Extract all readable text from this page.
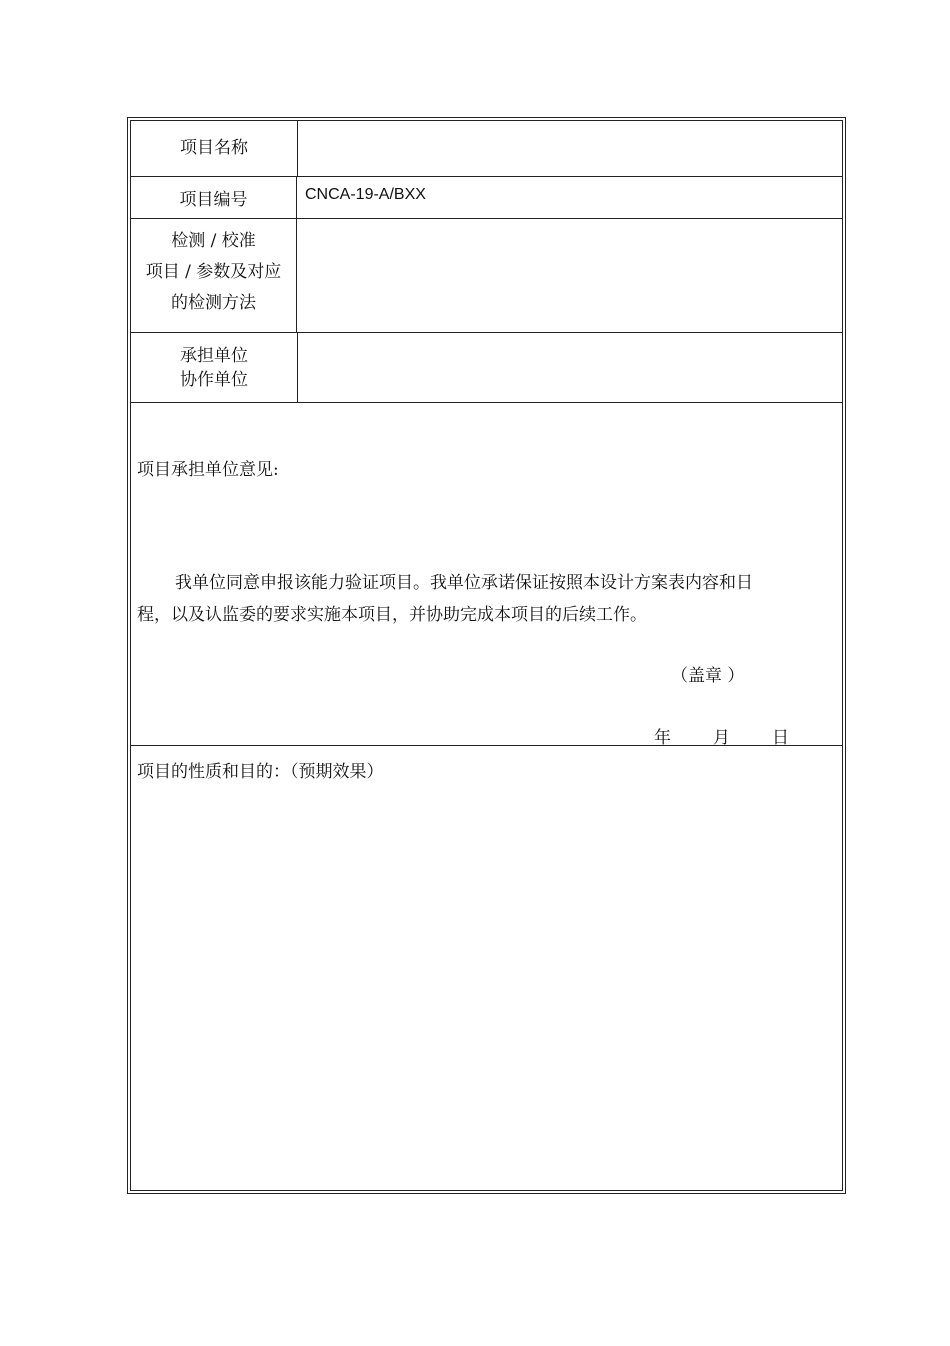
项目名称
项目编号	CNCA-19-A/BXX
检测 / 校准
项目 / 参数及对应
的检测方法
承担单位
协作单位
项目承担单位意见:
我单位同意申报该能力验证项目。我单位承诺保证按照本设计方案表内容和日
程，以及认监委的要求实施本项目，并协助完成本项目的后续工作。
（盖章 ）
年 月 日
项目的性质和目的：（预期效果）
